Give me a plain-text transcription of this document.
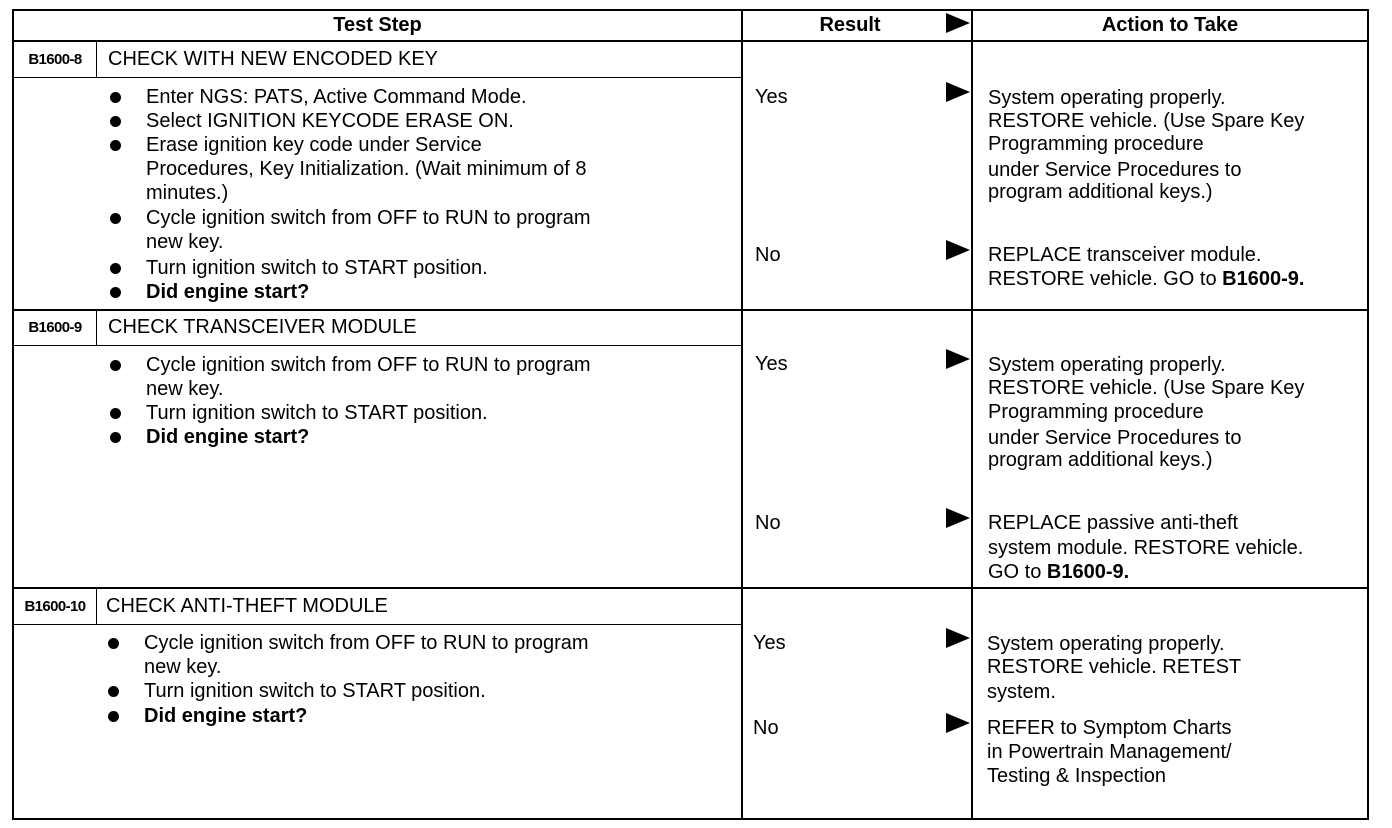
Test Step	Result	Action to Take
B1600-8	CHECK WITH NEW ENCODED KEY
Enter NGS: PATS, Active Command Mode.
Select IGNITION KEYCODE ERASE ON.
Erase ignition key code under Service
Procedures, Key Initialization. (Wait minimum of 8
minutes.)
Cycle ignition switch from OFF to RUN to program
new key.
Turn ignition switch to START position.
Did engine start?
Yes	System operating properly.
RESTORE vehicle. (Use Spare Key
Programming procedure
under Service Procedures to
program additional keys.)
No	REPLACE transceiver module.
RESTORE vehicle. GO to B1600-9.
B1600-9	CHECK TRANSCEIVER MODULE
Cycle ignition switch from OFF to RUN to program
new key.
Turn ignition switch to START position.
Did engine start?
Yes	System operating properly.
RESTORE vehicle. (Use Spare Key
Programming procedure
under Service Procedures to
program additional keys.)
No	REPLACE passive anti-theft
system module. RESTORE vehicle.
GO to B1600-9.
B1600-10	CHECK ANTI-THEFT MODULE
Cycle ignition switch from OFF to RUN to program
new key.
Turn ignition switch to START position.
Did engine start?
Yes	System operating properly.
RESTORE vehicle. RETEST
system.
No	REFER to Symptom Charts
in Powertrain Management/
Testing & Inspection
